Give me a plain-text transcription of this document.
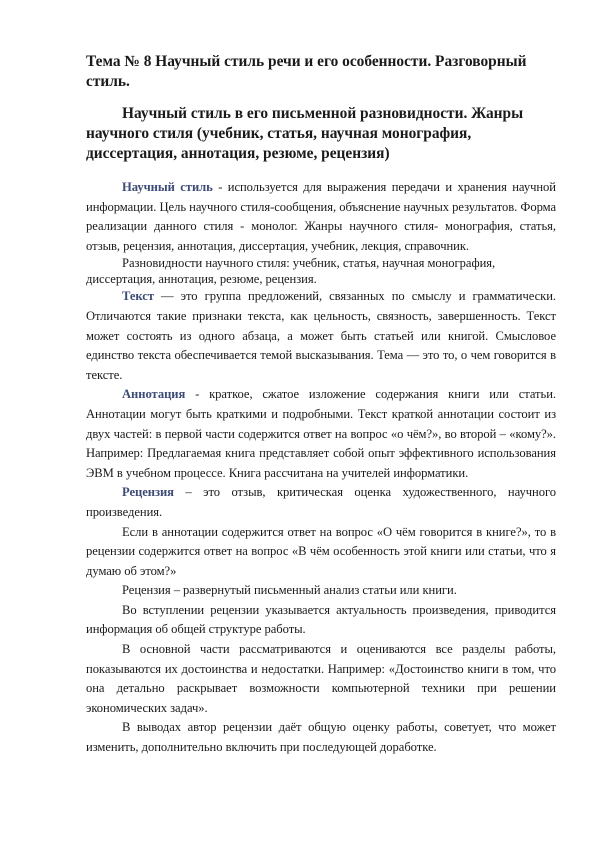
Тема № 8 Научный стиль речи и его особенности. Разговорный стиль.
Научный стиль в его письменной разновидности. Жанры научного стиля (учебник, статья, научная монография, диссертация, аннотация, резюме, рецензия)

Научный стиль - используется для выражения передачи и хранения научной информации. Цель научного стиля-сообщения, объяснение научных результатов. Форма реализации данного стиля - монолог. Жанры научного стиля- монография, статья, отзыв, рецензия, аннотация, диссертация, учебник, лекция, справочник.

Разновидности научного стиля: учебник, статья, научная монография, диссертация, аннотация, резюме, рецензия.

Текст — это группа предложений, связанных по смыслу и грамматически. Отличаются такие признаки текста, как цельность, связность, завершенность. Текст может состоять из одного абзаца, а может быть статьей или книгой. Смысловое единство текста обеспечивается темой высказывания. Тема — это то, о чем говорится в тексте.

Аннотация - краткое, сжатое изложение содержания книги или статьи. Аннотации могут быть краткими и подробными. Текст краткой аннотации состоит из двух частей: в первой части содержится ответ на вопрос «о чём?», во второй – «кому?». Например: Предлагаемая книга представляет собой опыт эффективного использования ЭВМ в учебном процессе. Книга рассчитана на учителей информатики.

Рецензия – это отзыв, критическая оценка художественного, научного произведения.

Если в аннотации содержится ответ на вопрос «О чём говорится в книге?», то в рецензии содержится ответ на вопрос «В чём особенность этой книги или статьи, что я думаю об этом?»

Рецензия – развернутый письменный анализ статьи или книги.

Во вступлении рецензии указывается актуальность произведения, приводится информация об общей структуре работы.

В основной части рассматриваются и оцениваются все разделы работы, показываются их достоинства и недостатки. Например: «Достоинство книги в том, что она детально раскрывает возможности компьютерной техники при решении экономических задач».

В выводах автор рецензии даёт общую оценку работы, советует, что может изменить, дополнительно включить при последующей доработке.
